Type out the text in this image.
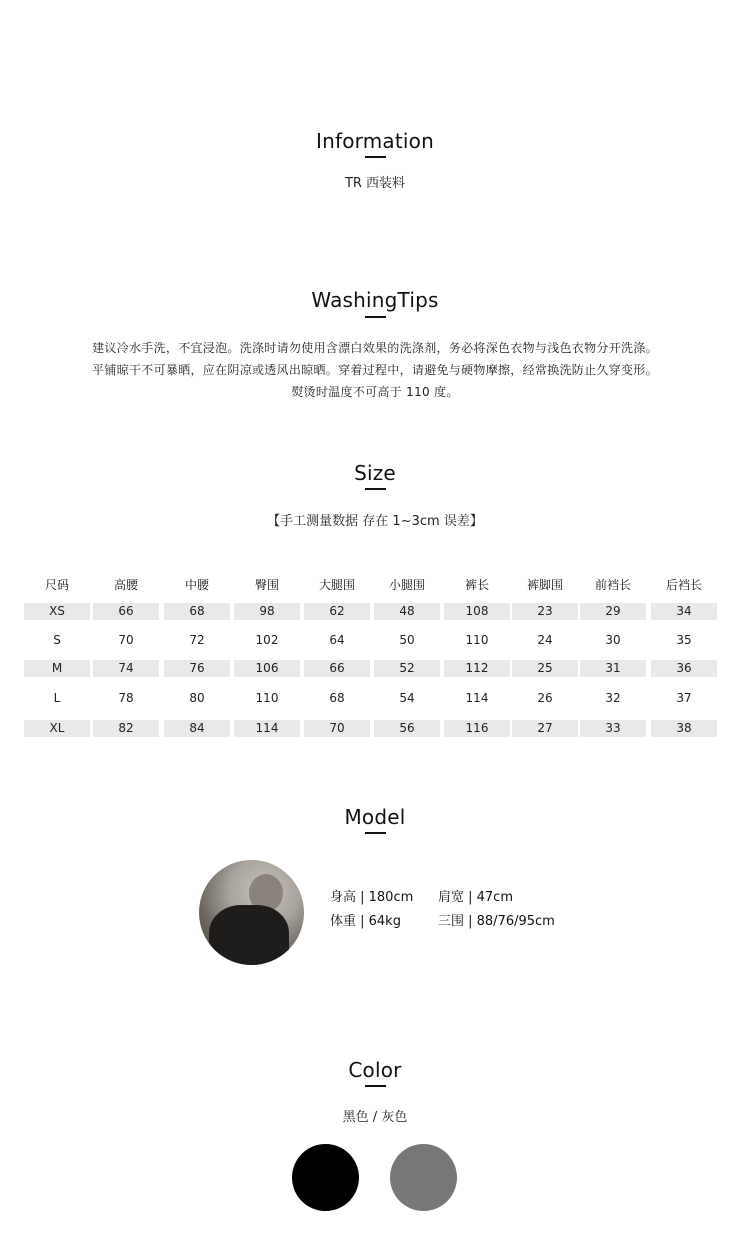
Information
TR 西装料
WashingTips
建议冷水手洗，不宜浸泡。洗涤时请勿使用含漂白效果的洗涤剂，务必将深色衣物与浅色衣物分开洗涤。
平铺晾干不可暴晒，应在阴凉或透风出晾晒。穿着过程中，请避免与硬物摩擦，经常换洗防止久穿变形。
熨烫时温度不可高于 110 度。
Size
【手工测量数据 存在 1~3cm 误差】
尺码	高腰	中腰	臀围	大腿围	小腿围	裤长	裤脚围	前裆长	后裆长
XS	66	68	98	62	48	108	23	29	34
S	70	72	102	64	50	110	24	30	35
M	74	76	106	66	52	112	25	31	36
L	78	80	110	68	54	114	26	32	37
XL	82	84	114	70	56	116	27	33	38
Model
身高 | 180cm 肩宽 | 47cm
体重 | 64kg	三围 | 88/76/95cm
Color
黑色 / 灰色
